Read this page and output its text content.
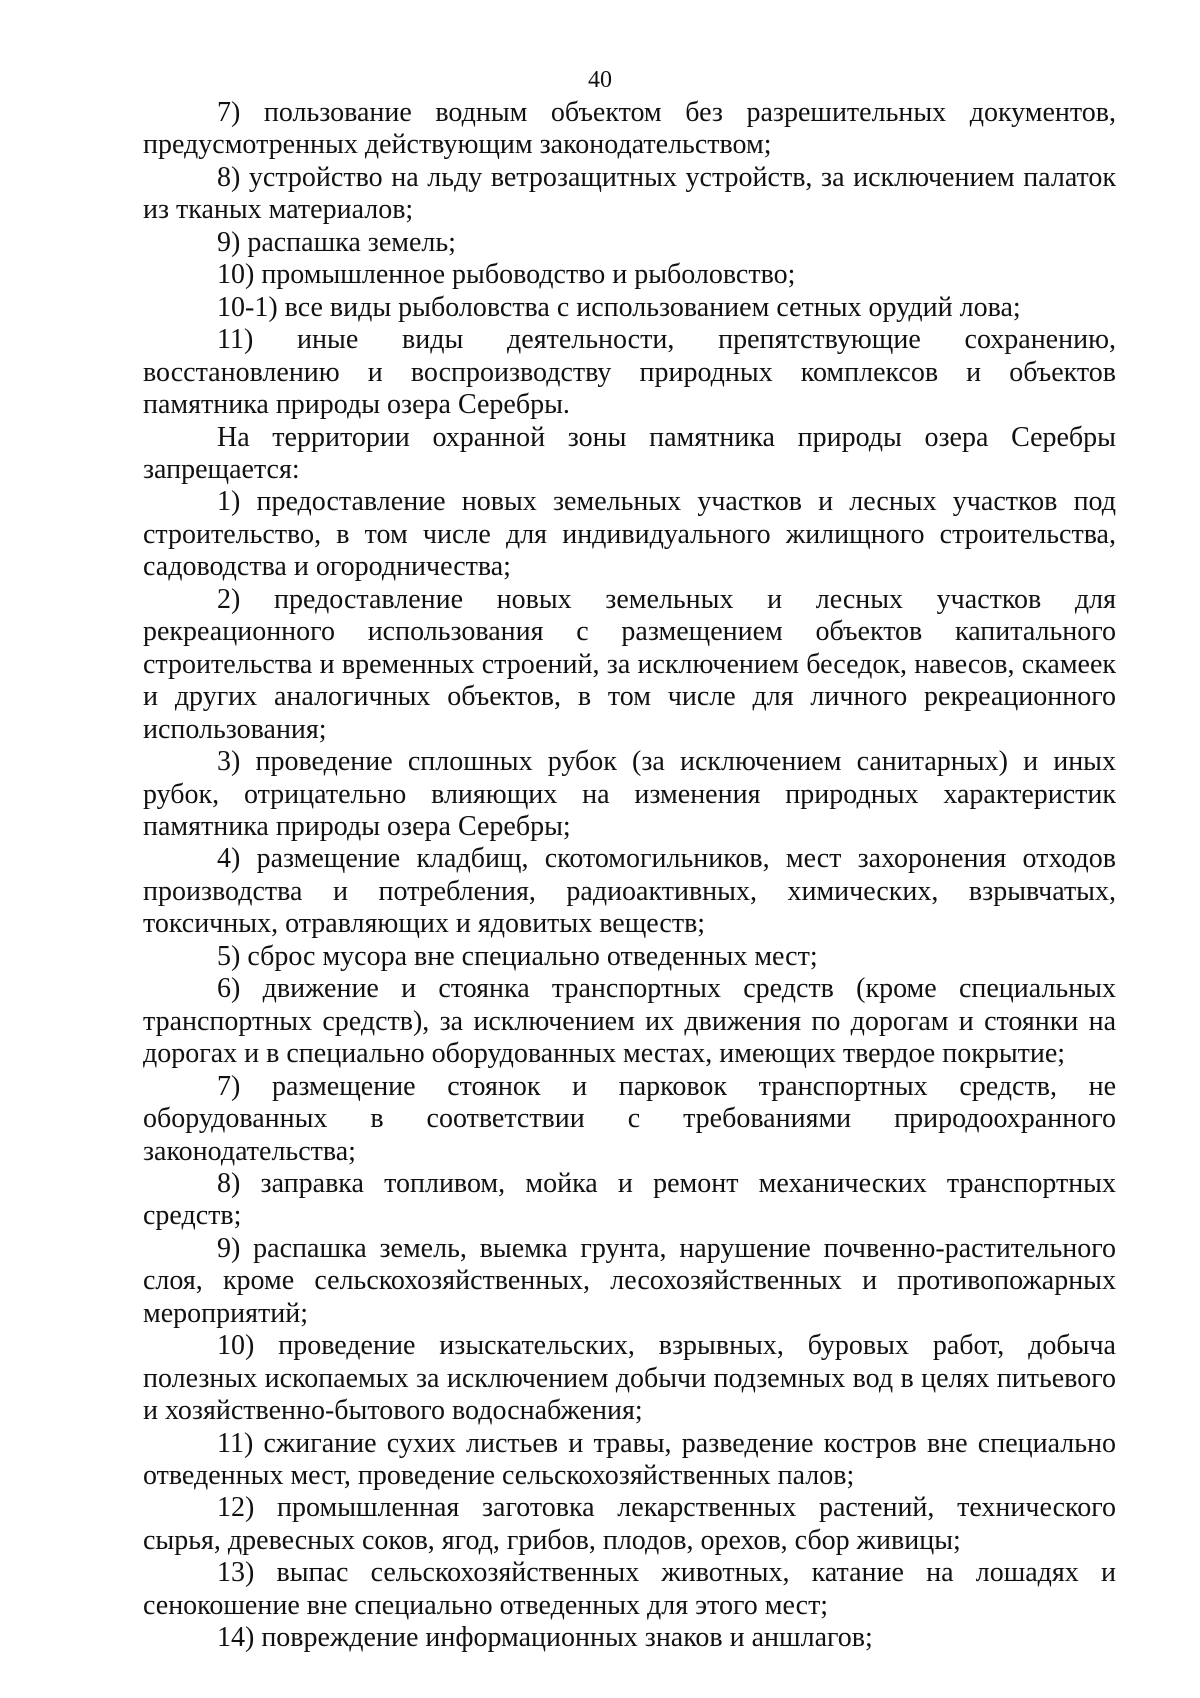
40

7) пользование водным объектом без разрешительных документов, предусмотренных действующим законодательством;

8) устройство на льду ветрозащитных устройств, за исключением палаток из тканых материалов;

9) распашка земель;

10) промышленное рыбоводство и рыболовство;

10-1) все виды рыболовства с использованием сетных орудий лова;

11) иные виды деятельности, препятствующие сохранению, восстановлению и воспроизводству природных комплексов и объектов памятника природы озера Серебры.

На территории охранной зоны памятника природы озера Серебры запрещается:

1) предоставление новых земельных участков и лесных участков под строительство, в том числе для индивидуального жилищного строительства, садоводства и огородничества;

2) предоставление новых земельных и лесных участков для рекреационного использования с размещением объектов капитального строительства и временных строений, за исключением беседок, навесов, скамеек и других аналогичных объектов, в том числе для личного рекреационного использования;

3) проведение сплошных рубок (за исключением санитарных) и иных рубок, отрицательно влияющих на изменения природных характеристик памятника природы озера Серебры;

4) размещение кладбищ, скотомогильников, мест захоронения отходов производства и потребления, радиоактивных, химических, взрывчатых, токсичных, отравляющих и ядовитых веществ;

5) сброс мусора вне специально отведенных мест;

6) движение и стоянка транспортных средств (кроме специальных транспортных средств), за исключением их движения по дорогам и стоянки на дорогах и в специально оборудованных местах, имеющих твердое покрытие;

7) размещение стоянок и парковок транспортных средств, не оборудованных в соответствии с требованиями природоохранного законодательства;

8) заправка топливом, мойка и ремонт механических транспортных средств;

9) распашка земель, выемка грунта, нарушение почвенно-растительного слоя, кроме сельскохозяйственных, лесохозяйственных и противопожарных мероприятий;

10) проведение изыскательских, взрывных, буровых работ, добыча полезных ископаемых за исключением добычи подземных вод в целях питьевого и хозяйственно-бытового водоснабжения;

11) сжигание сухих листьев и травы, разведение костров вне специально отведенных мест, проведение сельскохозяйственных палов;

12) промышленная заготовка лекарственных растений, технического сырья, древесных соков, ягод, грибов, плодов, орехов, сбор живицы;

13) выпас сельскохозяйственных животных, катание на лошадях и сенокошение вне специально отведенных для этого мест;

14) повреждение информационных знаков и аншлагов;
